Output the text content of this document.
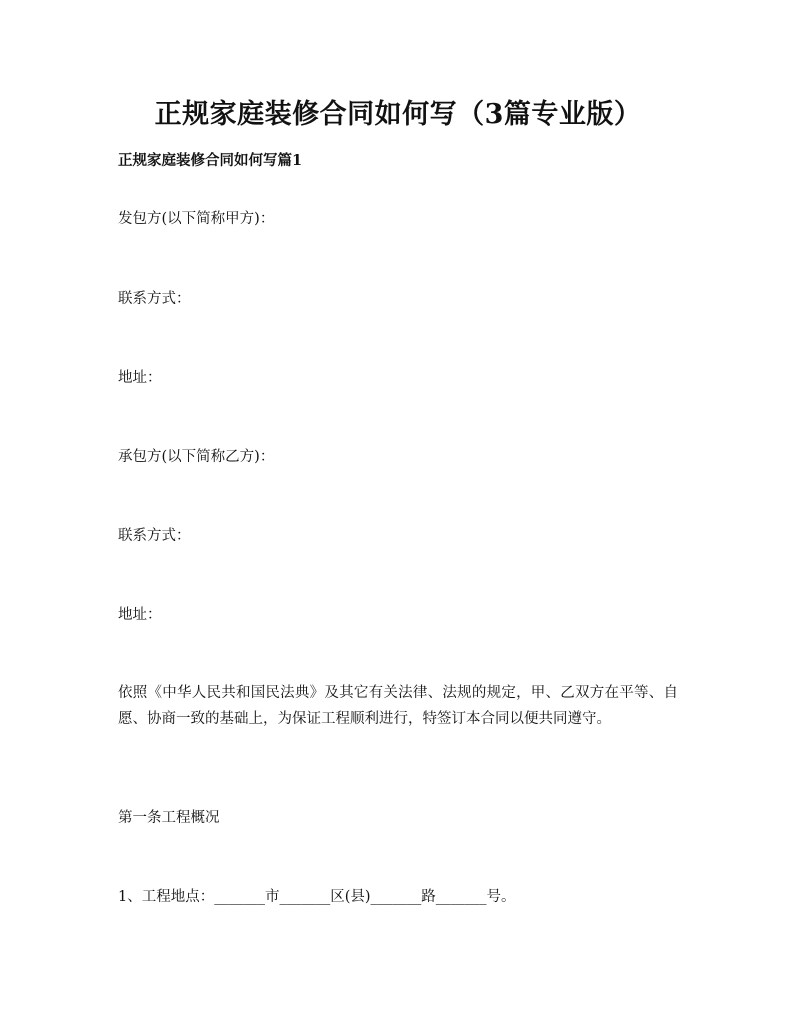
正规家庭装修合同如何写（3篇专业版）
正规家庭装修合同如何写篇1
发包方(以下简称甲方)：
联系方式：
地址：
承包方(以下简称乙方)：
联系方式：
地址：
依照《中华人民共和国民法典》及其它有关法律、法规的规定，甲、乙双方在平等、自愿、协商一致的基础上，为保证工程顺利进行，特签订本合同以便共同遵守。
第一条工程概况
1、工程地点：_______市_______区(县)_______路_______号。
